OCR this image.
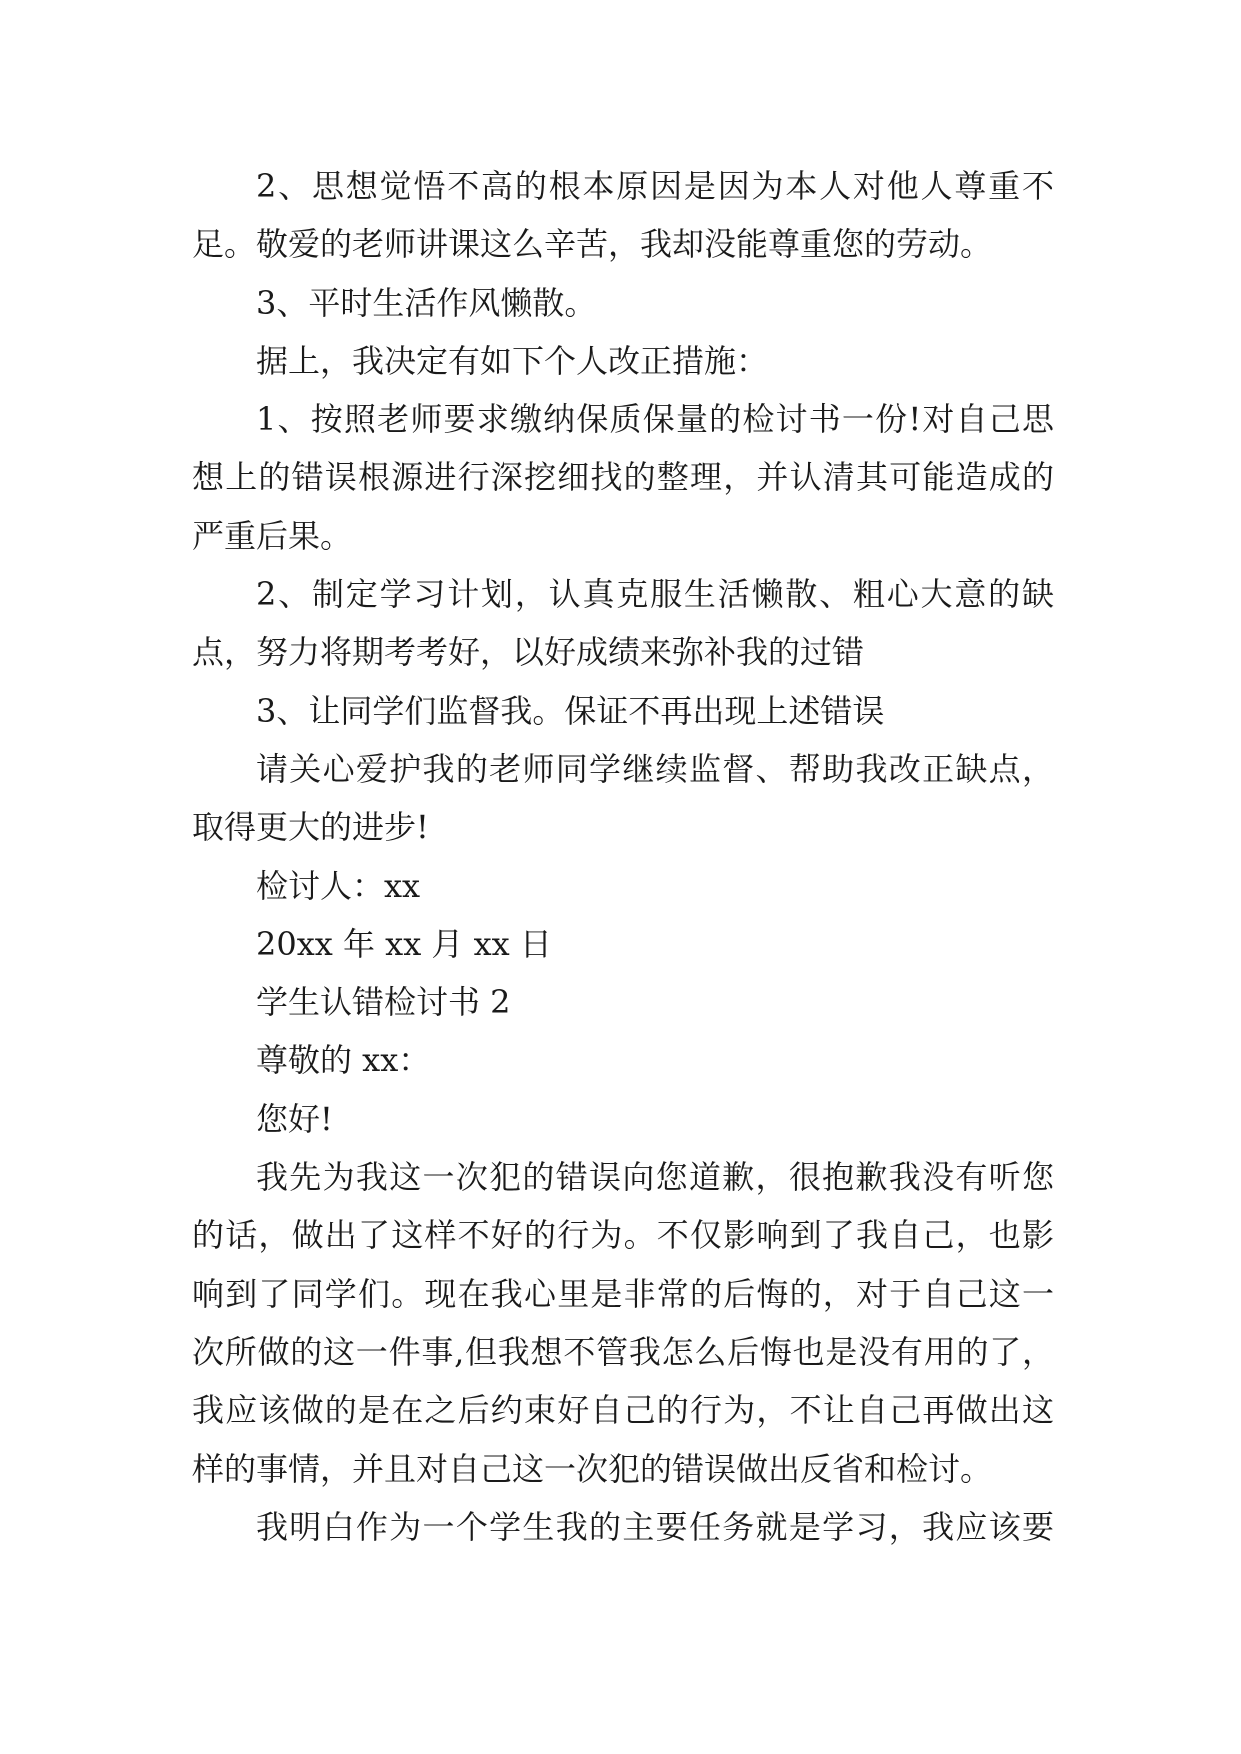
2、思想觉悟不高的根本原因是因为本人对他人尊重不
足。敬爱的老师讲课这么辛苦，我却没能尊重您的劳动。
3、平时生活作风懒散。
据上，我决定有如下个人改正措施：
1、按照老师要求缴纳保质保量的检讨书一份!对自己思
想上的错误根源进行深挖细找的整理，并认清其可能造成的
严重后果。
2、制定学习计划，认真克服生活懒散、粗心大意的缺
点，努力将期考考好，以好成绩来弥补我的过错
3、让同学们监督我。保证不再出现上述错误
请关心爱护我的老师同学继续监督、帮助我改正缺点，
取得更大的进步!
检讨人：xx
20xx 年 xx 月 xx 日
学生认错检讨书 2
尊敬的 xx：
您好!
我先为我这一次犯的错误向您道歉，很抱歉我没有听您
的话，做出了这样不好的行为。不仅影响到了我自己，也影
响到了同学们。现在我心里是非常的后悔的，对于自己这一
次所做的这一件事,但我想不管我怎么后悔也是没有用的了，
我应该做的是在之后约束好自己的行为，不让自己再做出这
样的事情，并且对自己这一次犯的错误做出反省和检讨。
我明白作为一个学生我的主要任务就是学习，我应该要
